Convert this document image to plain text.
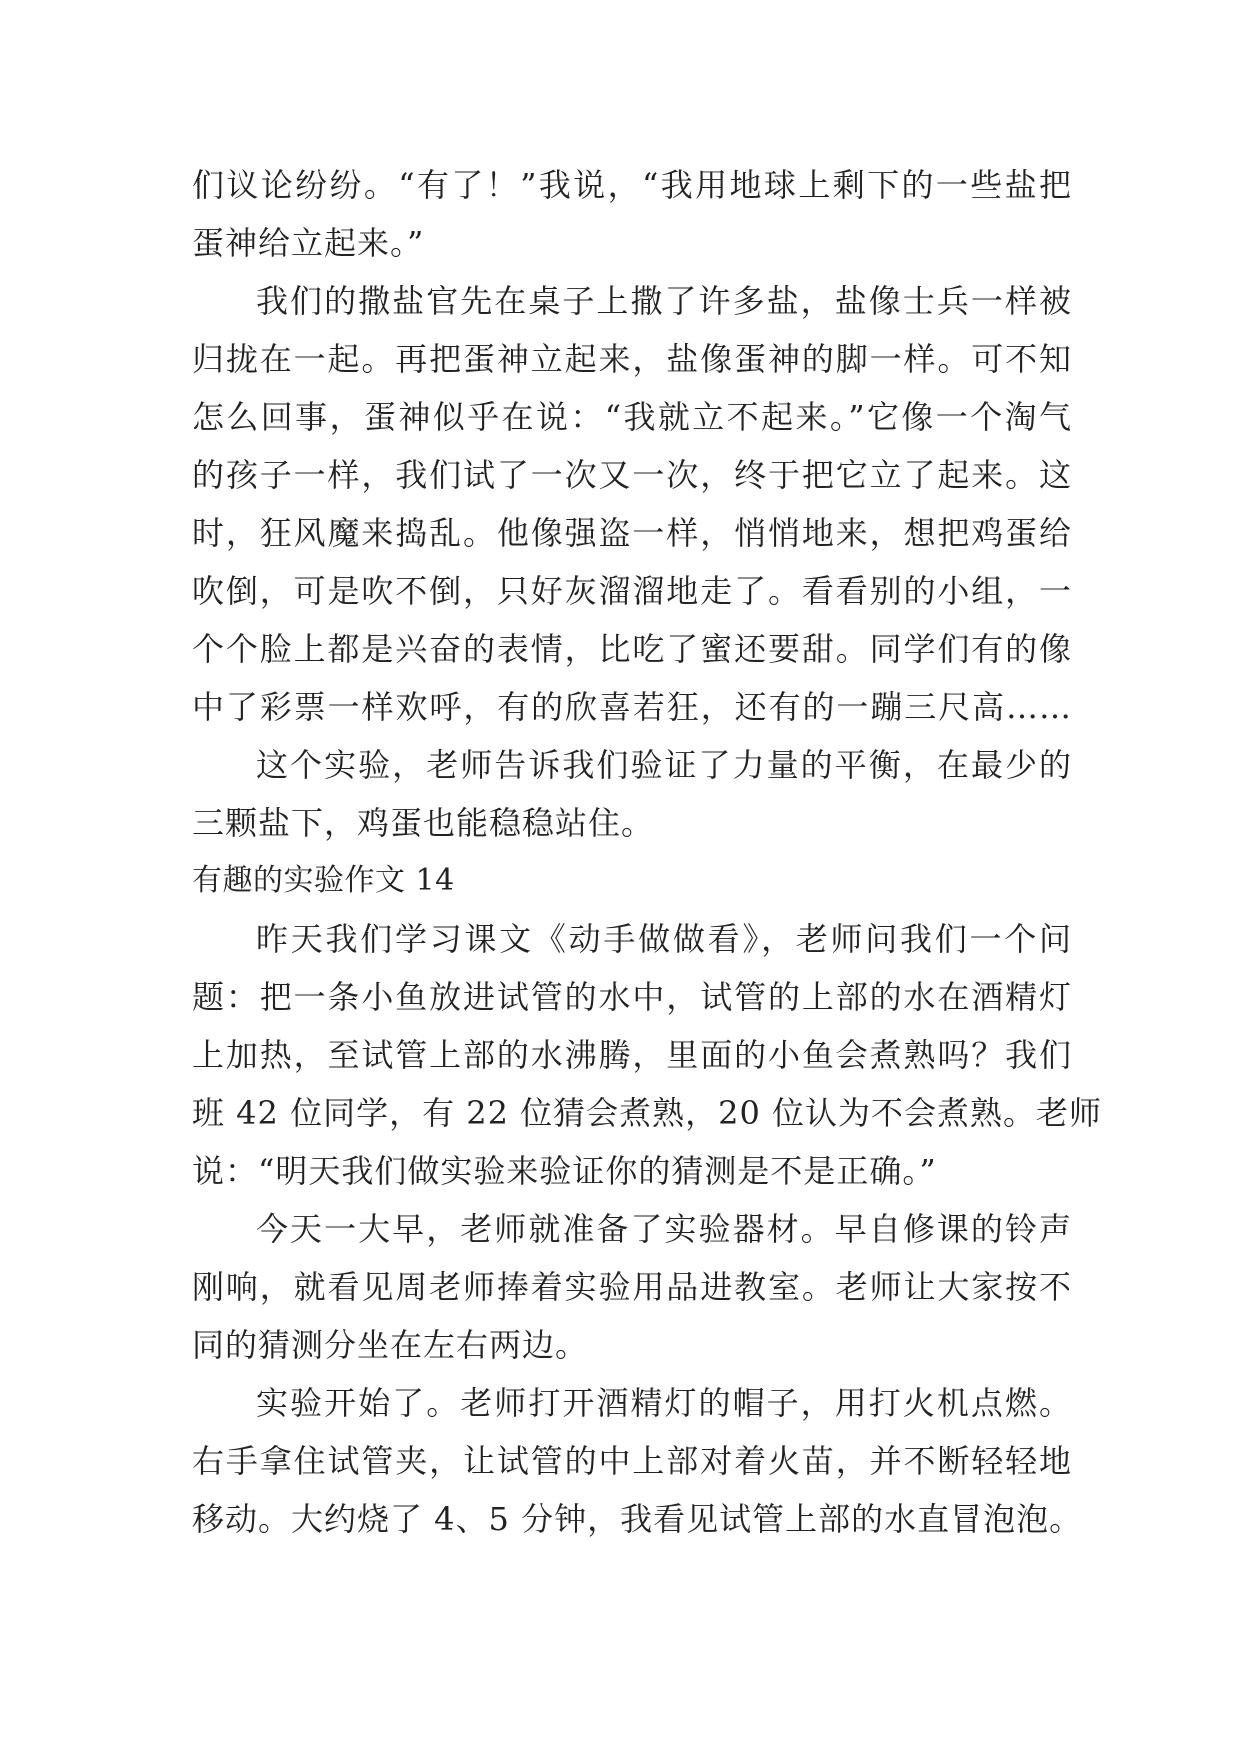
们议论纷纷。“有了！”我说，“我用地球上剩下的一些盐把
蛋神给立起来。”
我们的撒盐官先在桌子上撒了许多盐，盐像士兵一样被
归拢在一起。再把蛋神立起来，盐像蛋神的脚一样。可不知
怎么回事，蛋神似乎在说：“我就立不起来。”它像一个淘气
的孩子一样，我们试了一次又一次，终于把它立了起来。这
时，狂风魔来捣乱。他像强盗一样，悄悄地来，想把鸡蛋给
吹倒，可是吹不倒，只好灰溜溜地走了。看看别的小组，一
个个脸上都是兴奋的表情，比吃了蜜还要甜。同学们有的像
中了彩票一样欢呼，有的欣喜若狂，还有的一蹦三尺高……
这个实验，老师告诉我们验证了力量的平衡，在最少的
三颗盐下，鸡蛋也能稳稳站住。
有趣的实验作文 14
昨天我们学习课文《动手做做看》，老师问我们一个问
题：把一条小鱼放进试管的水中，试管的上部的水在酒精灯
上加热，至试管上部的水沸腾，里面的小鱼会煮熟吗？我们
班 42 位同学，有 22 位猜会煮熟，20 位认为不会煮熟。老师
说：“明天我们做实验来验证你的猜测是不是正确。”
今天一大早，老师就准备了实验器材。早自修课的铃声
刚响，就看见周老师捧着实验用品进教室。老师让大家按不
同的猜测分坐在左右两边。
实验开始了。老师打开酒精灯的帽子，用打火机点燃。
右手拿住试管夹，让试管的中上部对着火苗，并不断轻轻地
移动。大约烧了 4、5 分钟，我看见试管上部的水直冒泡泡。
